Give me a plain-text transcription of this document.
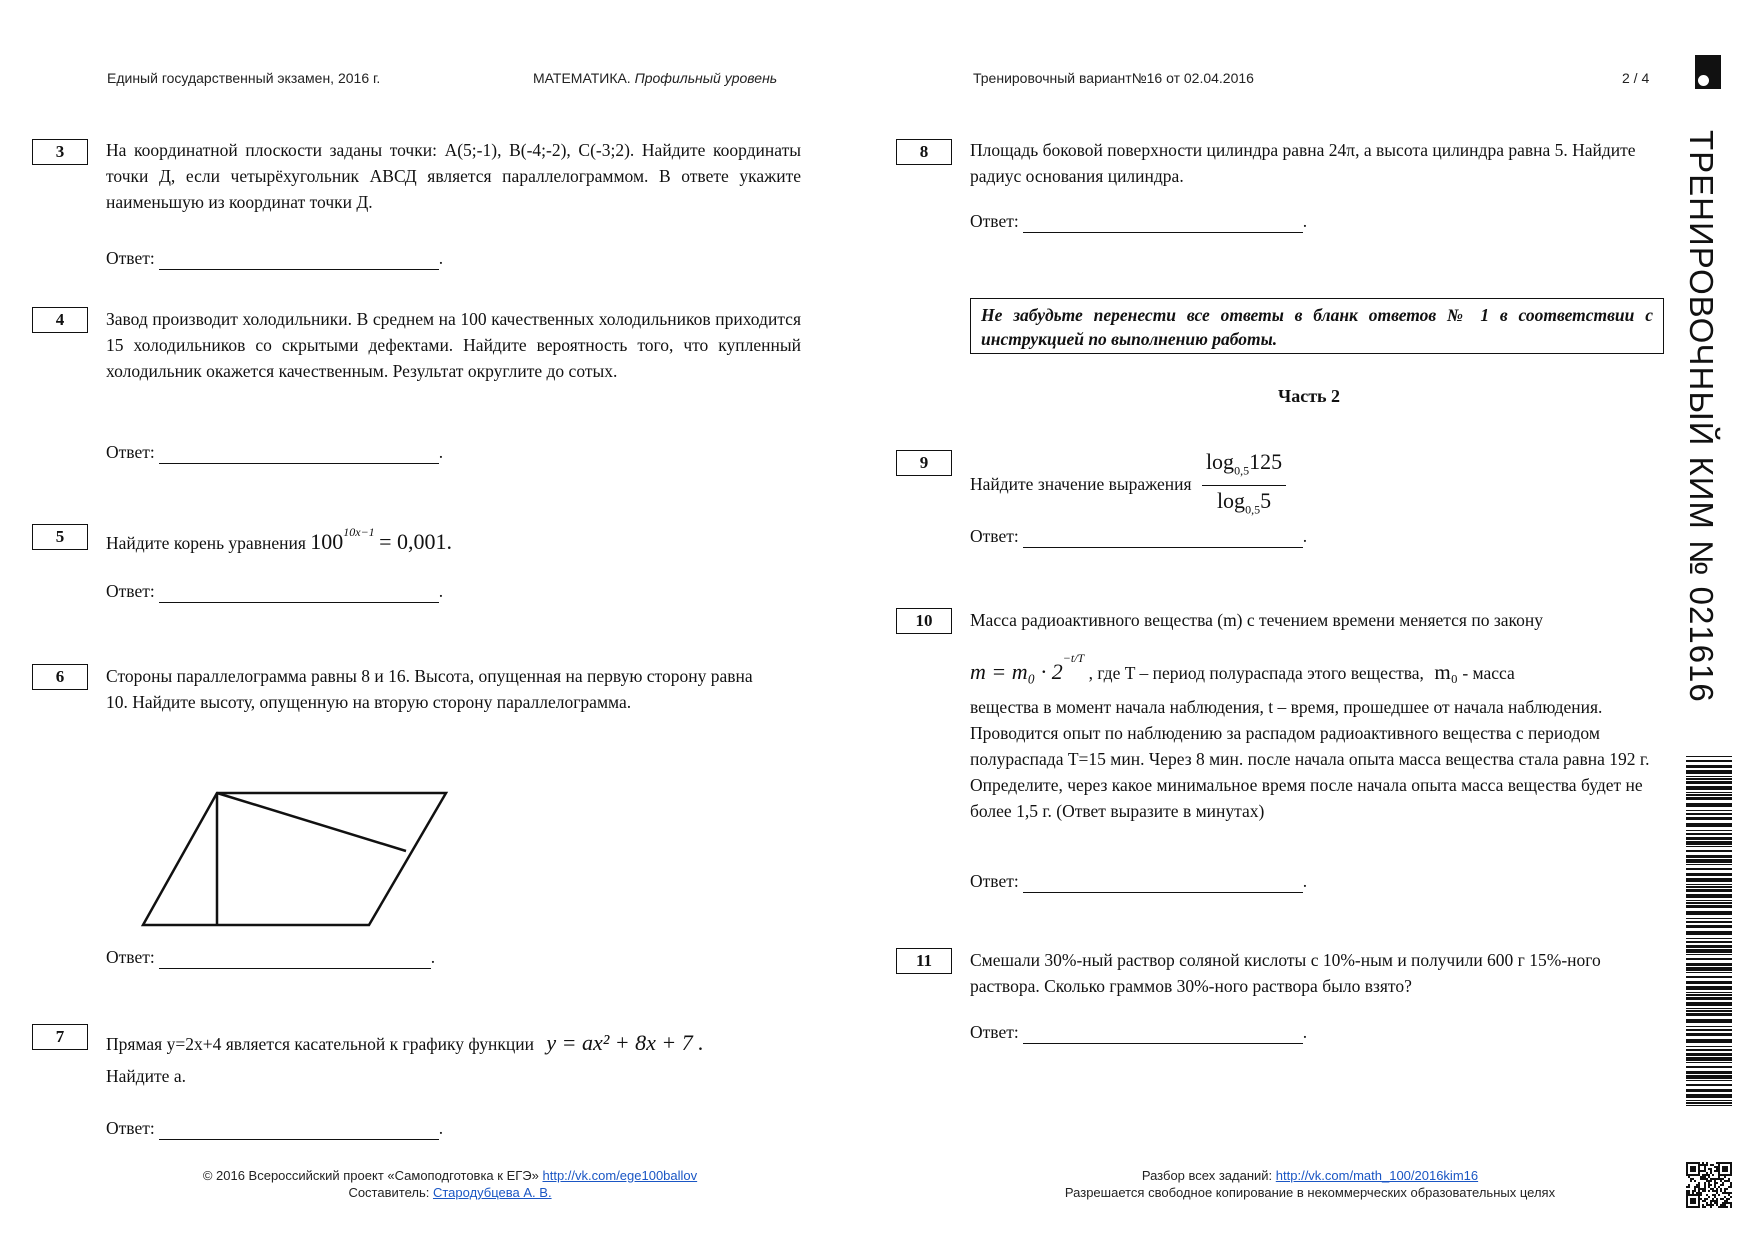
Единый государственный экзамен, 2016 г.	МАТЕМАТИКА. Профильный уровень	Тренировочный вариант№16 от 02.04.2016	2 / 4
ТРЕНИРОВОЧНЫЙ КИМ № 021616
3	На координатной плоскости заданы точки: А(5;-1), В(-4;-2), С(-3;2). Найдите координаты точки Д, если четырёхугольник АВСД является параллелограммом. В ответе укажите наименьшую из координат точки Д.
Ответ:	.
4	Завод производит холодильники. В среднем на 100 качественных холодильников приходится 15 холодильников со скрытыми дефектами. Найдите вероятность того, что купленный холодильник окажется качественным. Результат округлите до сотых.
Ответ:	.
5	Найдите корень уравнения $100^{10x-1} = 0,001$.
Ответ:	.
6	Стороны параллелограмма равны 8 и 16. Высота, опущенная на первую сторону равна 10. Найдите высоту, опущенную на вторую сторону параллелограмма.
Ответ:	.
7	Прямая y=2x+4 является касательной к графику функции y = ax² + 8x + 7 .
Найдите a.
Ответ:	.
8	Площадь боковой поверхности цилиндра равна 24π, а высота цилиндра равна 5. Найдите радиус основания цилиндра.
Ответ:	.
Не забудьте перенести все ответы в бланк ответов № 1 в соответствии с инструкцией по выполнению работы.
Часть 2
9
Найдите значение выражения $\frac{\log_{0,5}125}{\log_{0,5}5}$
Ответ:	.
10	Масса радиоактивного вещества (m) с течением времени меняется по закону
$m = m_0 \cdot 2^{-t/T}$ , где T – период полураспада этого вещества, m₀ - масса
вещества в момент начала наблюдения, t – время, прошедшее от начала наблюдения. Проводится опыт по наблюдению за распадом радиоактивного вещества с периодом полураспада T=15 мин. Через 8 мин. после начала опыта масса вещества стала равна 192 г. Определите, через какое минимальное время после начала опыта масса вещества будет не более 1,5 г. (Ответ выразите в минутах)
Ответ:	.
11	Смешали 30%-ный раствор соляной кислоты с 10%-ным и получили 600 г 15%-ного раствора. Сколько граммов 30%-ного раствора было взято?
Ответ:	.
© 2016 Всероссийский проект «Самоподготовка к ЕГЭ» http://vk.com/ege100ballov
Составитель: Стародубцева А. В.
Разбор всех заданий: http://vk.com/math_100/2016kim16
Разрешается свободное копирование в некоммерческих образовательных целях
